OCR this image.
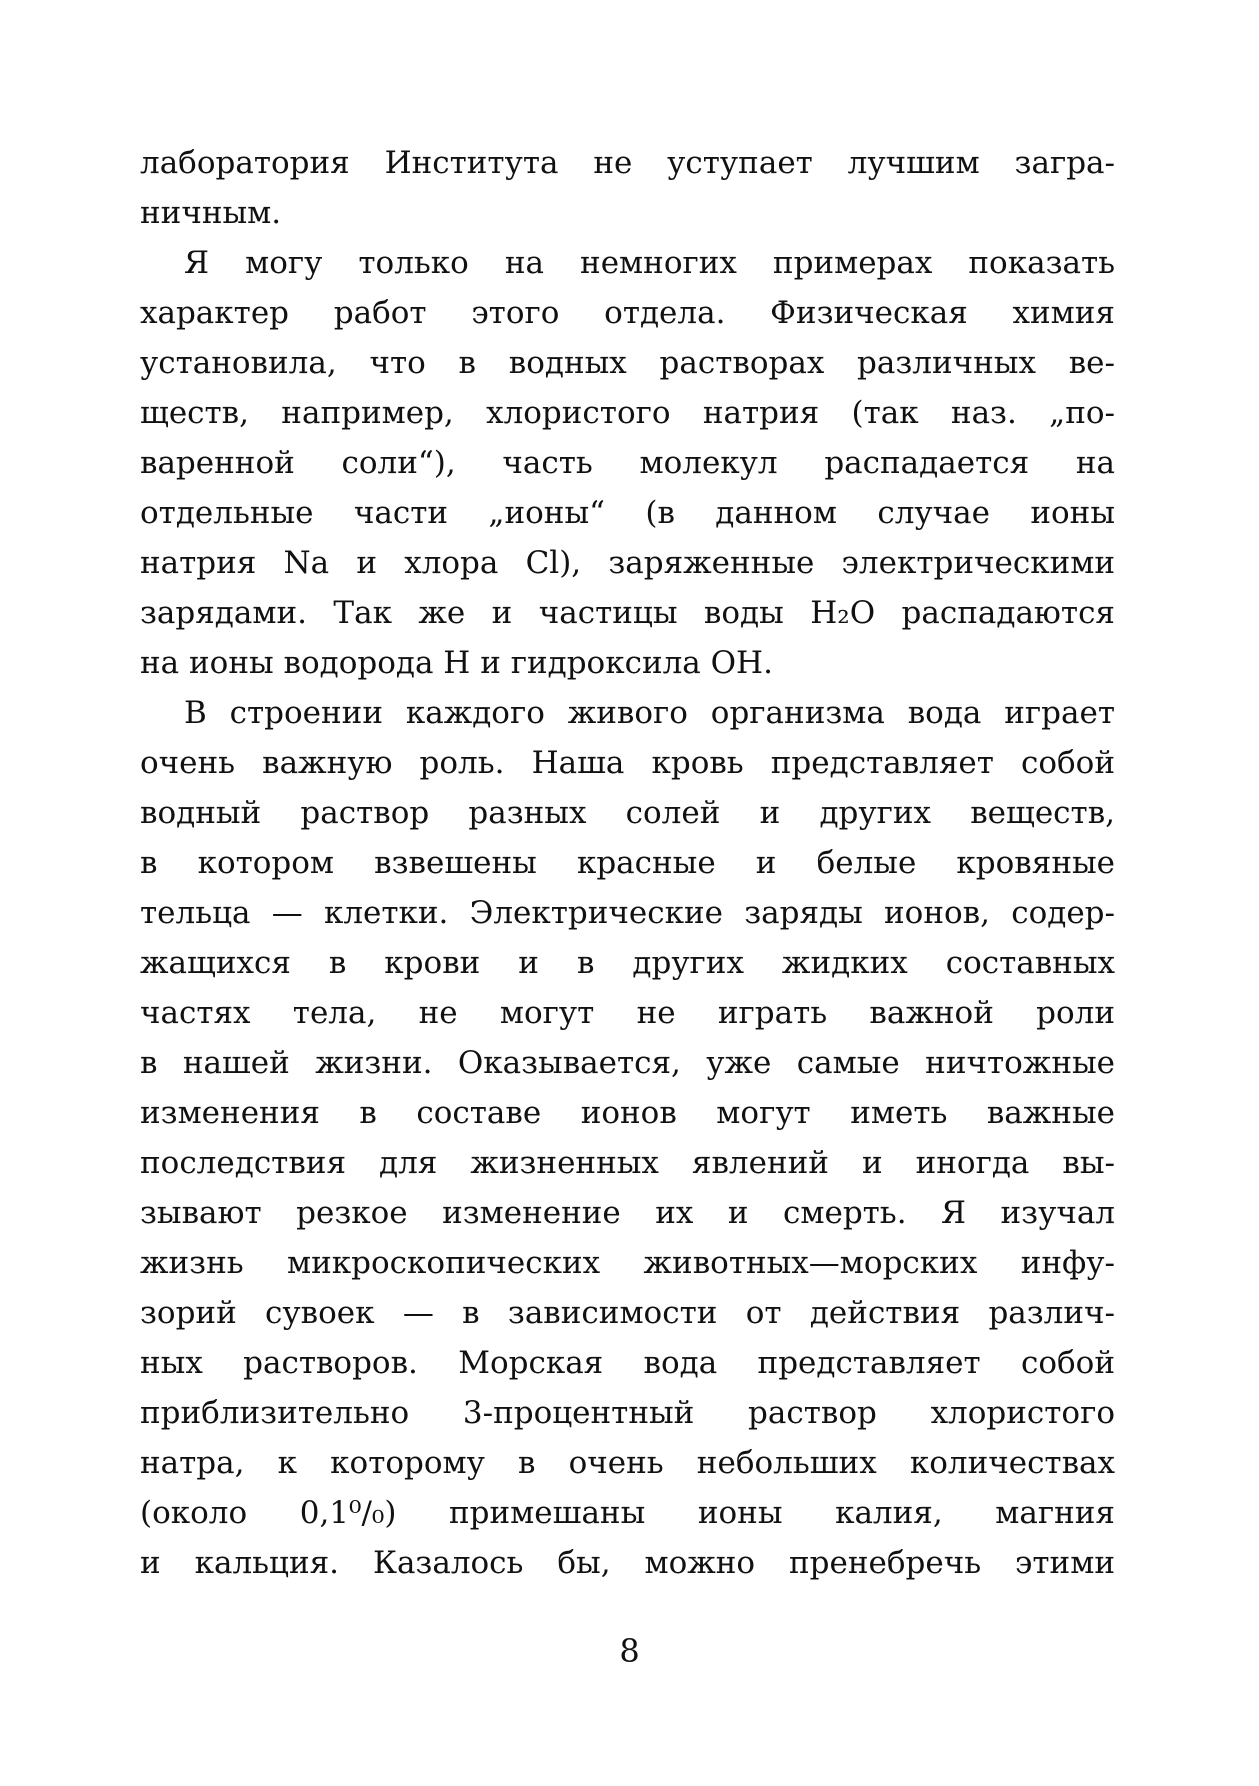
лаборатория Института не уступает лучшим загра-
ничным.
Я могу только на немногих примерах показать
характер работ этого отдела. Физическая химия
установила, что в водных растворах различных ве-
ществ, например, хлористого натрия (так наз. „по-
варенной соли“), часть молекул распадается на
отдельные части „ионы“ (в данном случае ионы
натрия Na и хлора Cl), заряженные электрическими
зарядами. Так же и частицы воды H₂O распадаются
на ионы водорода H и гидроксила OH.
В строении каждого живого организма вода играет
очень важную роль. Наша кровь представляет собой
водный раствор разных солей и других веществ,
в котором взвешены красные и белые кровяные
тельца — клетки. Электрические заряды ионов, содер-
жащихся в крови и в других жидких составных
частях тела, не могут не играть важной роли
в нашей жизни. Оказывается, уже самые ничтожные
изменения в составе ионов могут иметь важные
последствия для жизненных явлений и иногда вы-
зывают резкое изменение их и смерть. Я изучал
жизнь микроскопических животных—морских инфу-
зорий сувоек — в зависимости от действия различ-
ных растворов. Морская вода представляет собой
приблизительно 3-процентный раствор хлористого
натра, к которому в очень небольших количествах
(около 0,1⁰/₀) примешаны ионы калия, магния
и кальция. Казалось бы, можно пренебречь этими
8
